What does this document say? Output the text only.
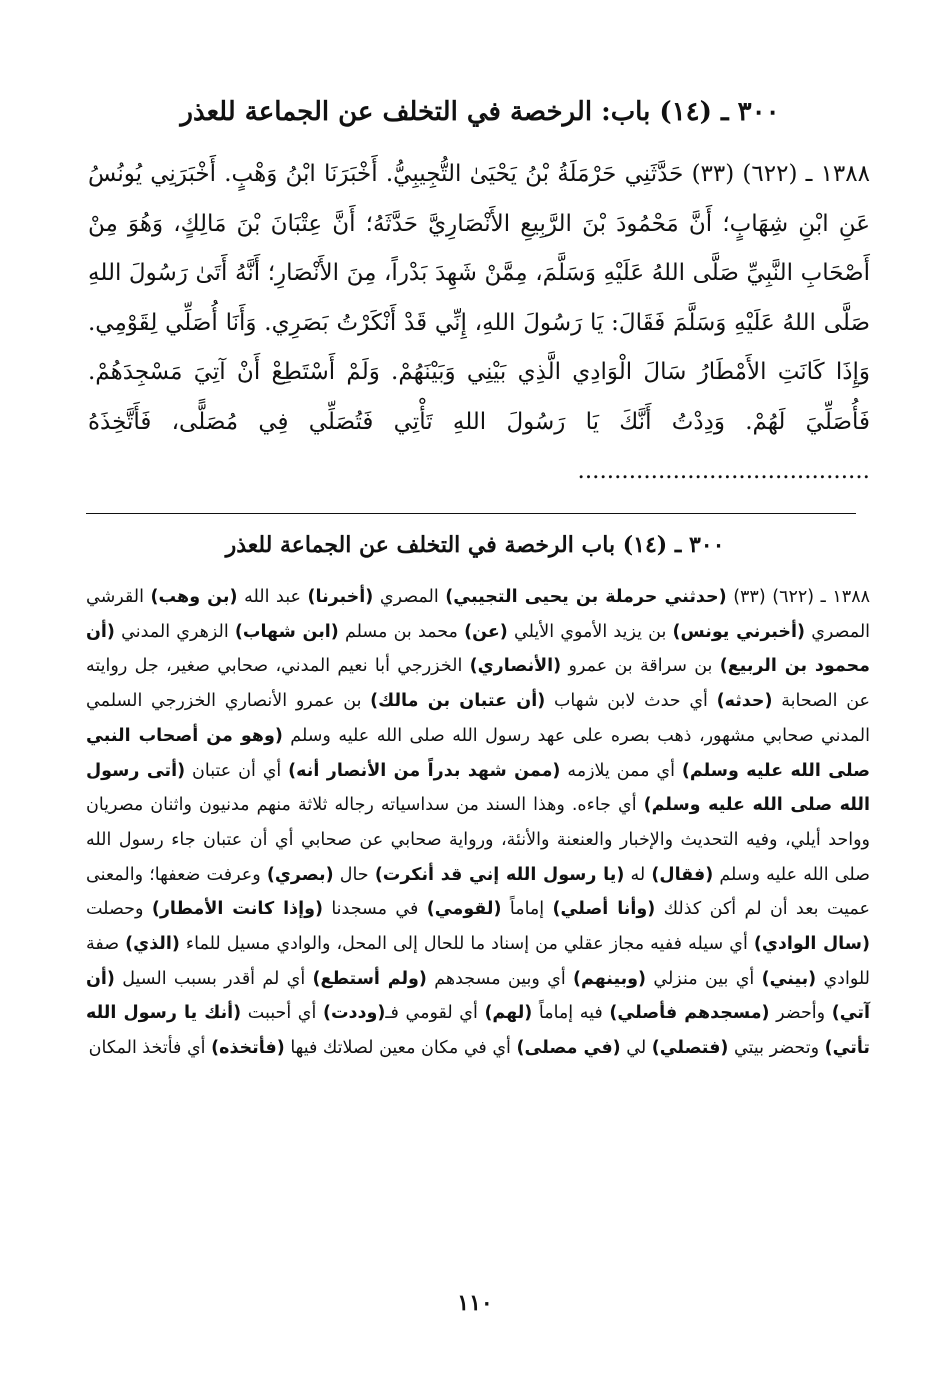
٣٠٠ ـ (١٤) باب: الرخصة في التخلف عن الجماعة للعذر

١٣٨٨ ـ (٦٢٢) (٣٣) حَدَّثَنِي حَرْمَلَةُ بْنُ يَحْيَىٰ التُّجِيبِيُّ. أَخْبَرَنَا ابْنُ وَهْبٍ. أَخْبَرَنِي يُونُسُ عَنِ ابْنِ شِهَابٍ؛ أَنَّ مَحْمُودَ بْنَ الرَّبِيعِ الأَنْصَارِيَّ حَدَّثَهُ؛ أَنَّ عِتْبَانَ بْنَ مَالِكٍ، وَهُوَ مِنْ أَصْحَابِ النَّبِيِّ صَلَّى اللهُ عَلَيْهِ وَسَلَّمَ، مِمَّنْ شَهِدَ بَدْراً، مِنَ الأَنْصَارِ؛ أَنَّهُ أَتَىٰ رَسُولَ اللهِ صَلَّى اللهُ عَلَيْهِ وَسَلَّمَ فَقَالَ: يَا رَسُولَ اللهِ، إِنِّي قَدْ أَنْكَرْتُ بَصَرِي. وَأَنَا أُصَلِّي لِقَوْمِي. وَإِذَا كَانَتِ الأَمْطَارُ سَالَ الْوَادِي الَّذِي بَيْنِي وَبَيْنَهُمْ. وَلَمْ أَسْتَطِعْ أَنْ آتِيَ مَسْجِدَهُمْ. فَأُصَلِّيَ لَهُمْ. وَدِدْتُ أَنَّكَ يَا رَسُولَ اللهِ تَأْتِي فَتُصَلِّي فِي مُصَلًّى، فَأَتَّخِذَهُ ........................................

٣٠٠ ـ (١٤) باب الرخصة في التخلف عن الجماعة للعذر

١٣٨٨ ـ (٦٢٢) (٣٣) (حدثني حرملة بن يحيى التجيبي) المصري (أخبرنا) عبد الله (بن وهب) القرشي المصري (أخبرني يونس) بن يزيد الأموي الأيلي (عن) محمد بن مسلم (ابن شهاب) الزهري المدني (أن محمود بن الربيع) بن سراقة بن عمرو (الأنصاري) الخزرجي أبا نعيم المدني، صحابي صغير، جل روايته عن الصحابة (حدثه) أي حدث لابن شهاب (أن عتبان بن مالك) بن عمرو الأنصاري الخزرجي السلمي المدني صحابي مشهور، ذهب بصره على عهد رسول الله صلى الله عليه وسلم (وهو من أصحاب النبي صلى الله عليه وسلم) أي ممن يلازمه (ممن شهد بدراً من الأنصار أنه) أي أن عتبان (أتى رسول الله صلى الله عليه وسلم) أي جاءه. وهذا السند من سداسياته رجاله ثلاثة منهم مدنيون واثنان مصريان وواحد أيلي، وفيه التحديث والإخبار والعنعنة والأنئة، ورواية صحابي عن صحابي أي أن عتبان جاء رسول الله صلى الله عليه وسلم (فقال) له (يا رسول الله إني قد أنكرت) حال (بصري) وعرفت ضعفها؛ والمعنى عميت بعد أن لم أكن كذلك (وأنا أصلي) إماماً (لقومي) في مسجدنا (وإذا كانت الأمطار) وحصلت (سال الوادي) أي سيله ففيه مجاز عقلي من إسناد ما للحال إلى المحل، والوادي مسيل للماء (الذي) صفة للوادي (بيني) أي بين منزلي (وبينهم) أي وبين مسجدهم (ولم أستطع) أي لم أقدر بسبب السيل (أن آتي) وأحضر (مسجدهم فأصلي) فيه إماماً (لهم) أي لقومي فـ(وددت) أي أحببت (أنك يا رسول الله تأتي) وتحضر بيتي (فتصلي) لي (في مصلى) أي في مكان معين لصلاتك فيها (فأتخذه) أي فأتخذ المكان

١١٠
